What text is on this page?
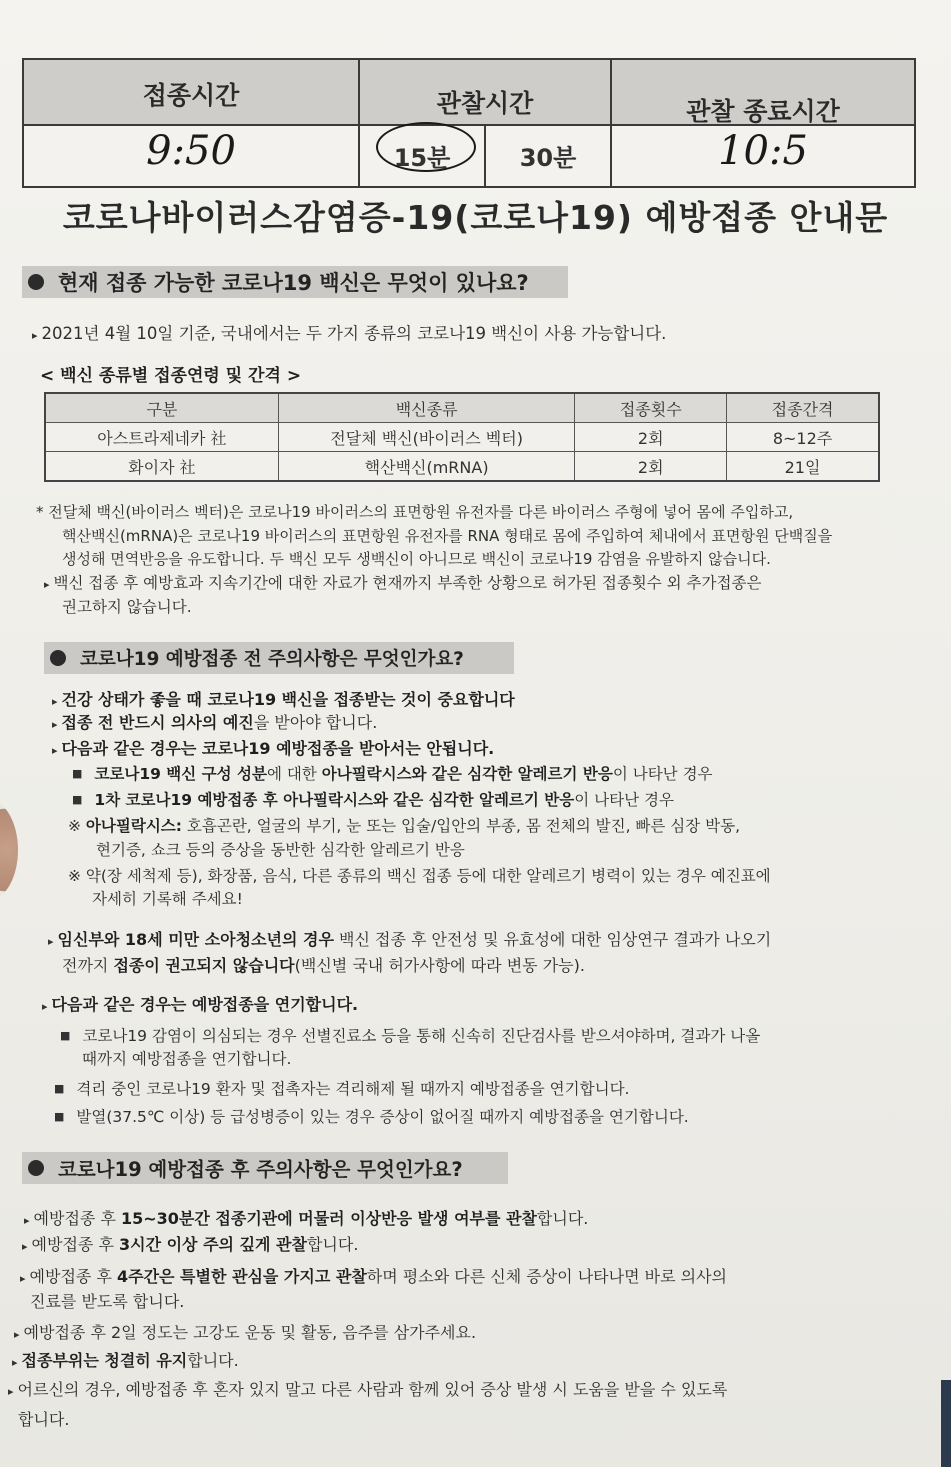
접종시간	관찰시간	관찰 종료시간
9:50	15분	30분	10:5
코로나바이러스감염증-19(코로나19) 예방접종 안내문
현재 접종 가능한 코로나19 백신은 무엇이 있나요?
▸ 2021년 4월 10일 기준, 국내에서는 두 가지 종류의 코로나19 백신이 사용 가능합니다.
< 백신 종류별 접종연령 및 간격 >
구분	백신종류	접종횟수	접종간격
아스트라제네카 社	전달체 백신(바이러스 벡터)	2회	8~12주
화이자 社	핵산백신(mRNA)	2회	21일
* 전달체 백신(바이러스 벡터)은 코로나19 바이러스의 표면항원 유전자를 다른 바이러스 주형에 넣어 몸에 주입하고,
핵산백신(mRNA)은 코로나19 바이러스의 표면항원 유전자를 RNA 형태로 몸에 주입하여 체내에서 표면항원 단백질을
생성해 면역반응을 유도합니다. 두 백신 모두 생백신이 아니므로 백신이 코로나19 감염을 유발하지 않습니다.
▸ 백신 접종 후 예방효과 지속기간에 대한 자료가 현재까지 부족한 상황으로 허가된 접종횟수 외 추가접종은
권고하지 않습니다.
코로나19 예방접종 전 주의사항은 무엇인가요?
▸ 건강 상태가 좋을 때 코로나19 백신을 접종받는 것이 중요합니다
▸ 접종 전 반드시 의사의 예진을 받아야 합니다.
▸ 다음과 같은 경우는 코로나19 예방접종을 받아서는 안됩니다.
■ 코로나19 백신 구성 성분에 대한 아나필락시스와 같은 심각한 알레르기 반응이 나타난 경우
■ 1차 코로나19 예방접종 후 아나필락시스와 같은 심각한 알레르기 반응이 나타난 경우
※ 아나필락시스: 호흡곤란, 얼굴의 부기, 눈 또는 입술/입안의 부종, 몸 전체의 발진, 빠른 심장 박동,
현기증, 쇼크 등의 증상을 동반한 심각한 알레르기 반응
※ 약(장 세척제 등), 화장품, 음식, 다른 종류의 백신 접종 등에 대한 알레르기 병력이 있는 경우 예진표에
자세히 기록해 주세요!
▸ 임신부와 18세 미만 소아청소년의 경우 백신 접종 후 안전성 및 유효성에 대한 임상연구 결과가 나오기
전까지 접종이 권고되지 않습니다(백신별 국내 허가사항에 따라 변동 가능).
▸ 다음과 같은 경우는 예방접종을 연기합니다.
■ 코로나19 감염이 의심되는 경우 선별진료소 등을 통해 신속히 진단검사를 받으셔야하며, 결과가 나올
때까지 예방접종을 연기합니다.
■ 격리 중인 코로나19 환자 및 접촉자는 격리해제 될 때까지 예방접종을 연기합니다.
■ 발열(37.5℃ 이상) 등 급성병증이 있는 경우 증상이 없어질 때까지 예방접종을 연기합니다.
코로나19 예방접종 후 주의사항은 무엇인가요?
▸ 예방접종 후 15~30분간 접종기관에 머물러 이상반응 발생 여부를 관찰합니다.
▸ 예방접종 후 3시간 이상 주의 깊게 관찰합니다.
▸ 예방접종 후 4주간은 특별한 관심을 가지고 관찰하며 평소와 다른 신체 증상이 나타나면 바로 의사의
진료를 받도록 합니다.
▸ 예방접종 후 2일 정도는 고강도 운동 및 활동, 음주를 삼가주세요.
▸ 접종부위는 청결히 유지합니다.
▸ 어르신의 경우, 예방접종 후 혼자 있지 말고 다른 사람과 함께 있어 증상 발생 시 도움을 받을 수 있도록
합니다.
